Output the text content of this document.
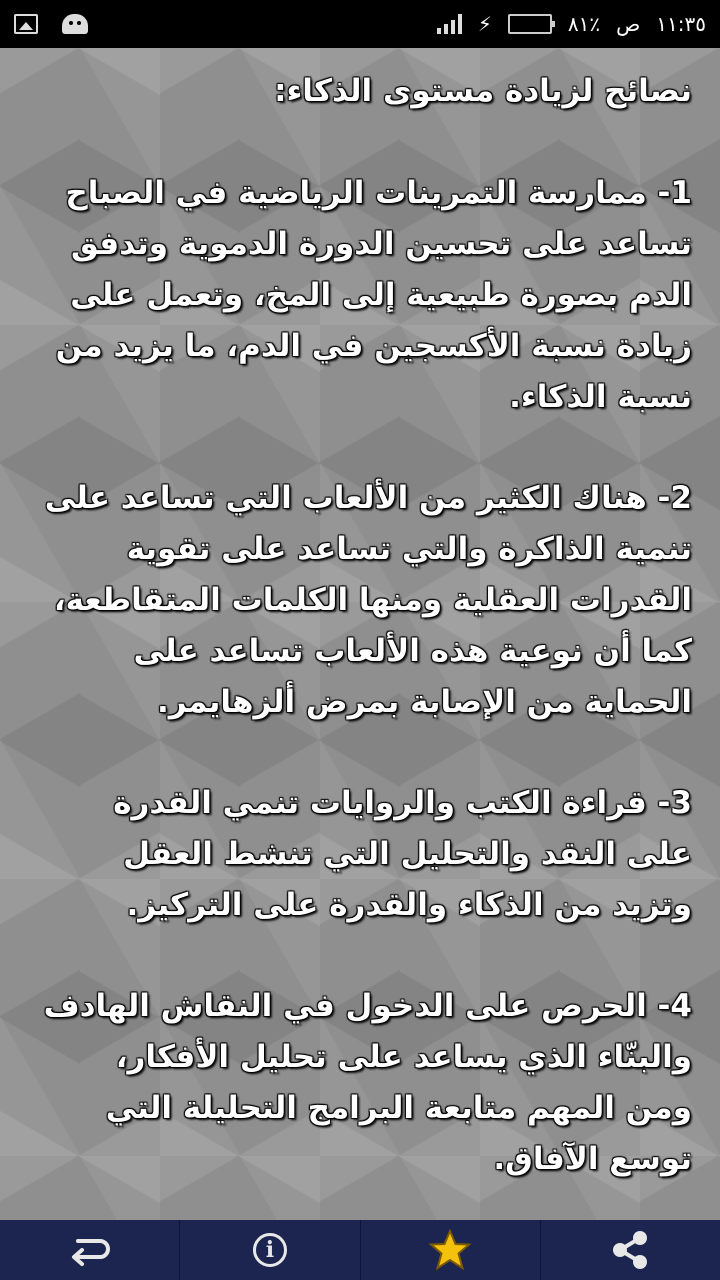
⚡	٨١٪ ص ١١:٣٥

نصائح لزيادة مستوى الذكاء:

1- ممارسة التمرينات الرياضية في الصباح تساعد على تحسين الدورة الدموية وتدفق الدم بصورة طبيعية إلى المخ، وتعمل على زيادة نسبة الأكسجين في الدم، ما يزيد من نسبة الذكاء.

2- هناك الكثير من الألعاب التي تساعد على تنمية الذاكرة والتي تساعد على تقوية القدرات العقلية ومنها الكلمات المتقاطعة، كما أن نوعية هذه الألعاب تساعد على الحماية من الإصابة بمرض ألزهايمر.

3- قراءة الكتب والروايات تنمي القدرة على النقد والتحليل التي تنشط العقل وتزيد من الذكاء والقدرة على التركيز.

4- الحرص على الدخول في النقاش الهادف والبنّاء الذي يساعد على تحليل الأفكار، ومن المهم متابعة البرامج التحليلة التي توسع الآفاق.

i
